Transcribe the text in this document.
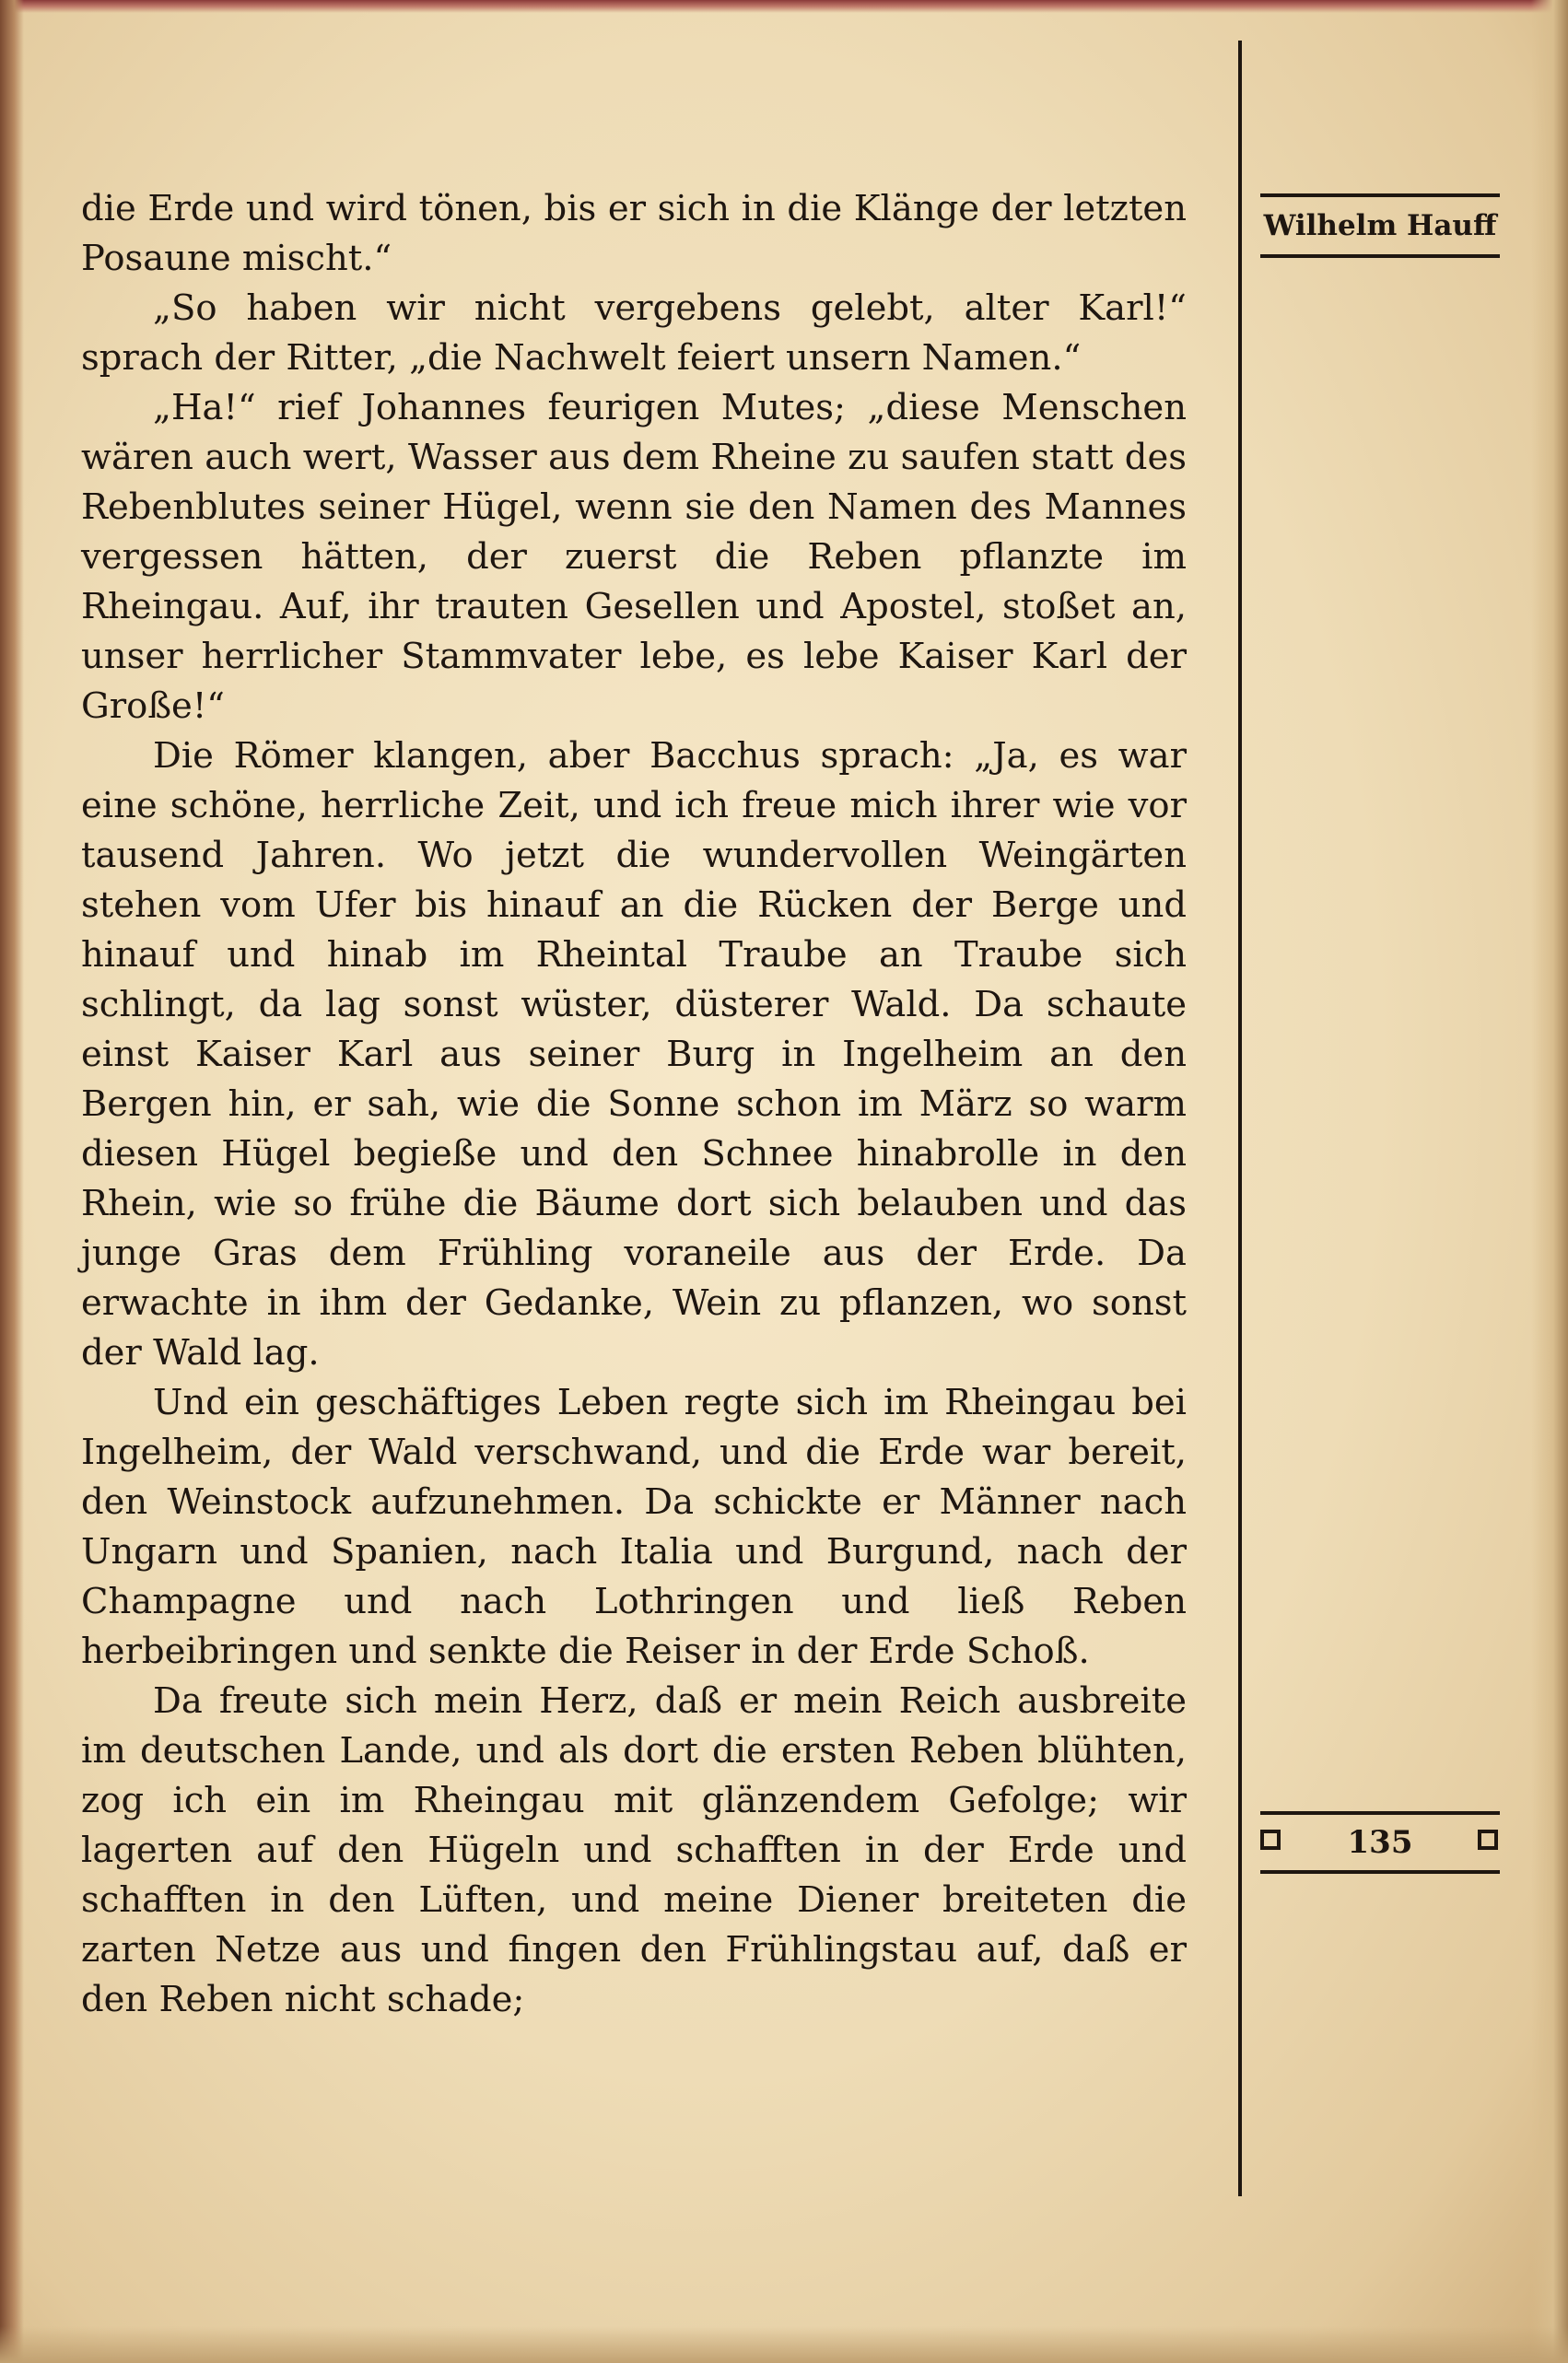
die Erde und wird tönen, bis er sich in die Klänge der letzten Posaune mischt.“

„So haben wir nicht vergebens gelebt, alter Karl!“ sprach der Ritter, „die Nachwelt feiert unsern Namen.“

„Ha!“ rief Johannes feurigen Mutes; „diese Menschen wären auch wert, Wasser aus dem Rheine zu saufen statt des Rebenblutes seiner Hügel, wenn sie den Namen des Mannes vergessen hätten, der zuerst die Reben pflanzte im Rheingau. Auf, ihr trauten Gesellen und Apostel, stoßet an, unser herrlicher Stammvater lebe, es lebe Kaiser Karl der Große!“

Die Römer klangen, aber Bacchus sprach: „Ja, es war eine schöne, herrliche Zeit, und ich freue mich ihrer wie vor tausend Jahren. Wo jetzt die wundervollen Weingärten stehen vom Ufer bis hinauf an die Rücken der Berge und hinauf und hinab im Rheintal Traube an Traube sich schlingt, da lag sonst wüster, düsterer Wald. Da schaute einst Kaiser Karl aus seiner Burg in Ingelheim an den Bergen hin, er sah, wie die Sonne schon im März so warm diesen Hügel begieße und den Schnee hinabrolle in den Rhein, wie so frühe die Bäume dort sich belauben und das junge Gras dem Frühling voraneile aus der Erde. Da erwachte in ihm der Gedanke, Wein zu pflanzen, wo sonst der Wald lag.

Und ein geschäftiges Leben regte sich im Rheingau bei Ingelheim, der Wald verschwand, und die Erde war bereit, den Weinstock aufzunehmen. Da schickte er Männer nach Ungarn und Spanien, nach Italia und Burgund, nach der Champagne und nach Lothringen und ließ Reben herbeibringen und senkte die Reiser in der Erde Schoß.

Da freute sich mein Herz, daß er mein Reich ausbreite im deutschen Lande, und als dort die ersten Reben blühten, zog ich ein im Rheingau mit glänzendem Gefolge; wir lagerten auf den Hügeln und schafften in der Erde und schafften in den Lüften, und meine Diener breiteten die zarten Netze aus und fingen den Frühlingstau auf, daß er den Reben nicht schade;

Wilhelm Hauff
135
